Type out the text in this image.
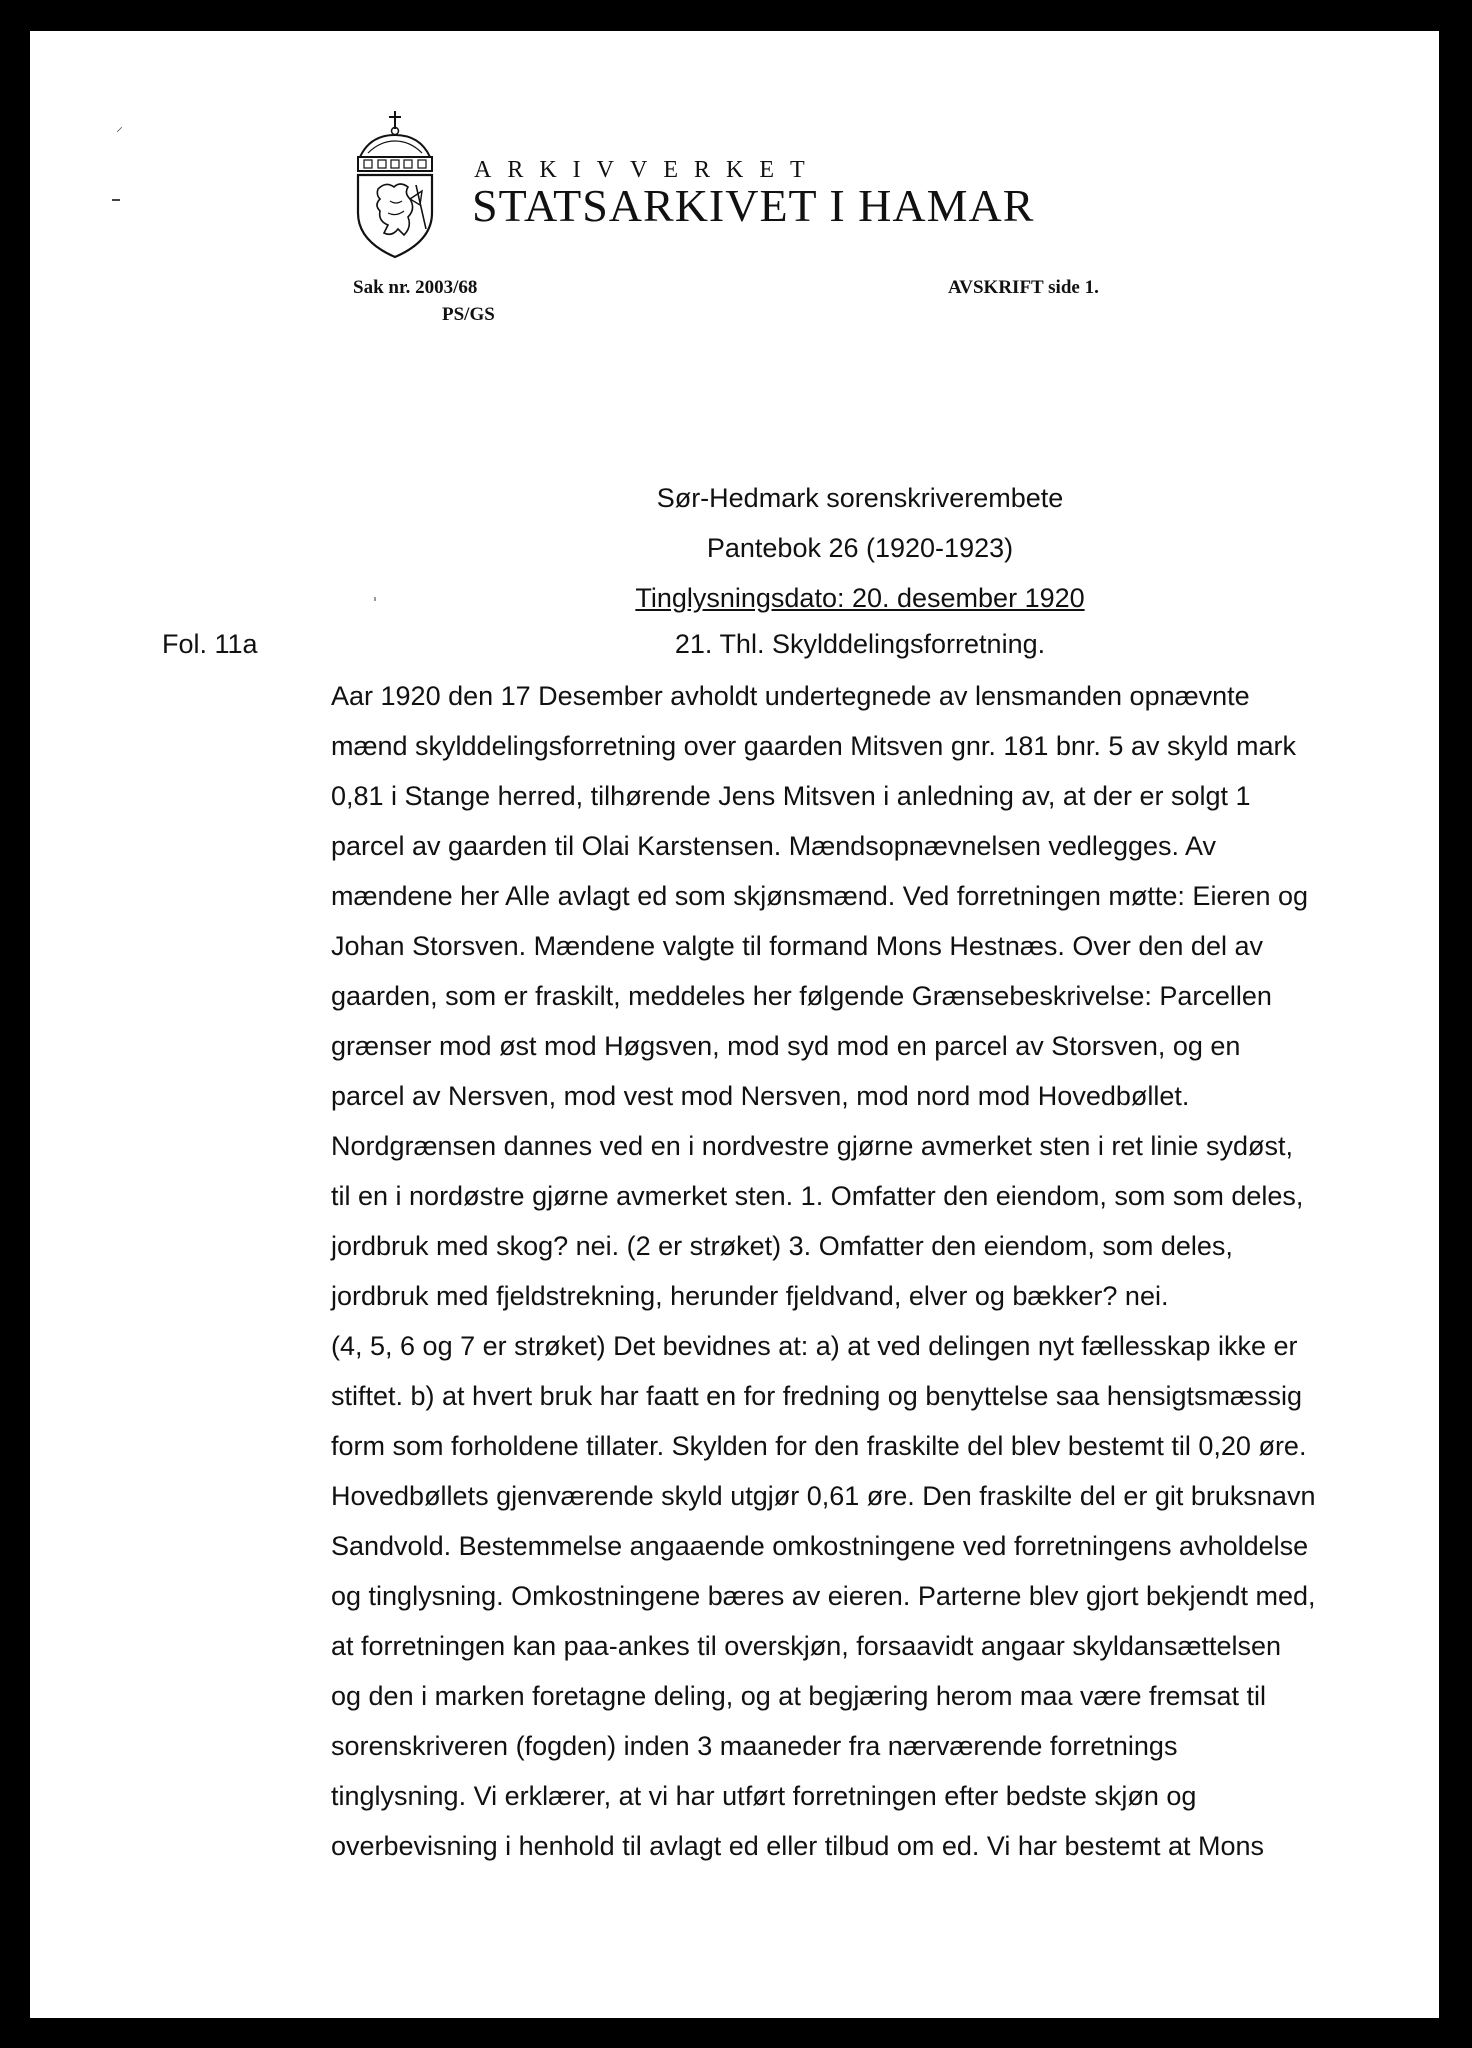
ARKIVVERKET
STATSARKIVET I HAMAR
Sak nr. 2003/68
PS/GS
AVSKRIFT side 1.
⸝
Sør-Hedmark sorenskriverembete
Pantebok 26 (1920-1923)
Tinglysningsdato: 20. desember 1920
21. Thl. Skylddelingsforretning.
Fol. 11a
Aar 1920 den 17 Desember avholdt undertegnede av lensmanden opnævnte
mænd skylddelingsforretning over gaarden Mitsven gnr. 181 bnr. 5 av skyld mark
0,81 i Stange herred, tilhørende Jens Mitsven i anledning av, at der er solgt 1
parcel av gaarden til Olai Karstensen. Mændsopnævnelsen vedlegges. Av
mændene her Alle avlagt ed som skjønsmænd. Ved forretningen møtte: Eieren og
Johan Storsven. Mændene valgte til formand Mons Hestnæs. Over den del av
gaarden, som er fraskilt, meddeles her følgende Grænsebeskrivelse: Parcellen
grænser mod øst mod Høgsven, mod syd mod en parcel av Storsven, og en
parcel av Nersven, mod vest mod Nersven, mod nord mod Hovedbøllet.
Nordgrænsen dannes ved en i nordvestre gjørne avmerket sten i ret linie sydøst,
til en i nordøstre gjørne avmerket sten. 1. Omfatter den eiendom, som som deles,
jordbruk med skog? nei. (2 er strøket) 3. Omfatter den eiendom, som deles,
jordbruk med fjeldstrekning, herunder fjeldvand, elver og bækker? nei.
(4, 5, 6 og 7 er strøket) Det bevidnes at: a) at ved delingen nyt fællesskap ikke er
stiftet. b) at hvert bruk har faatt en for fredning og benyttelse saa hensigtsmæssig
form som forholdene tillater. Skylden for den fraskilte del blev bestemt til 0,20 øre.
Hovedbøllets gjenværende skyld utgjør 0,61 øre. Den fraskilte del er git bruksnavn
Sandvold. Bestemmelse angaaende omkostningene ved forretningens avholdelse
og tinglysning. Omkostningene bæres av eieren. Parterne blev gjort bekjendt med,
at forretningen kan paa-ankes til overskjøn, forsaavidt angaar skyldansættelsen
og den i marken foretagne deling, og at begjæring herom maa være fremsat til
sorenskriveren (fogden) inden 3 maaneder fra nærværende forretnings
tinglysning. Vi erklærer, at vi har utført forretningen efter bedste skjøn og
overbevisning i henhold til avlagt ed eller tilbud om ed. Vi har bestemt at Mons
